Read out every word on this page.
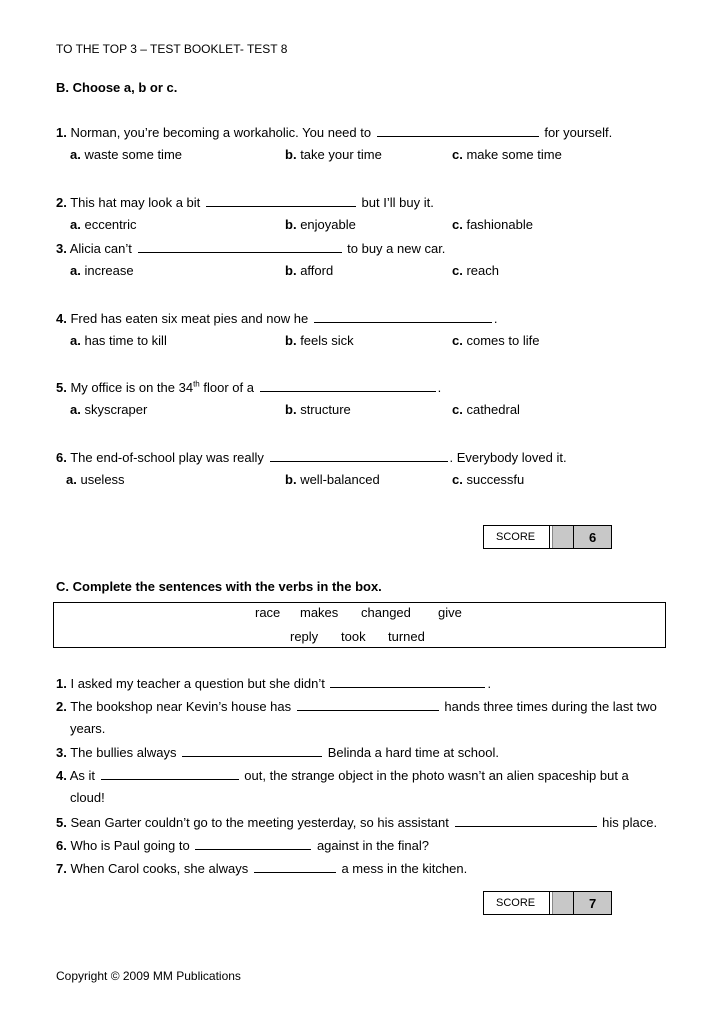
TO THE TOP 3 – TEST BOOKLET- TEST 8
B. Choose a, b or c.
1. Norman, you’re becoming a workaholic. You need to	for yourself.
a. waste some time	b. take your time	c. make some time
2. This hat may look a bit	but I’ll buy it.
a. eccentric	b. enjoyable	c. fashionable
3. Alicia can’t	to buy a new car.
a. increase	b. afford	c. reach
4. Fred has eaten six meat pies and now he	.
a. has time to kill	b. feels sick	c. comes to life
5. My office is on the 34th floor of a	.
a. skyscraper	b. structure	c. cathedral
6. The end-of-school play was really	. Everybody loved it.
a. useless	b. well-balanced	c. successfu
SCORE	6
C. Complete the sentences with the verbs in the box.
race makes changed give
reply took turned
1. I asked my teacher a question but she didn’t	.
2. The bookshop near Kevin’s house has	hands three times during the last two
years.
3. The bullies always	Belinda a hard time at school.
4. As it	out, the strange object in the photo wasn’t an alien spaceship but a
cloud!
5. Sean Garter couldn’t go to the meeting yesterday, so his assistant	his place.
6. Who is Paul going to	against in the final?
7. When Carol cooks, she always	a mess in the kitchen.
SCORE	7
Copyright © 2009 MM Publications
